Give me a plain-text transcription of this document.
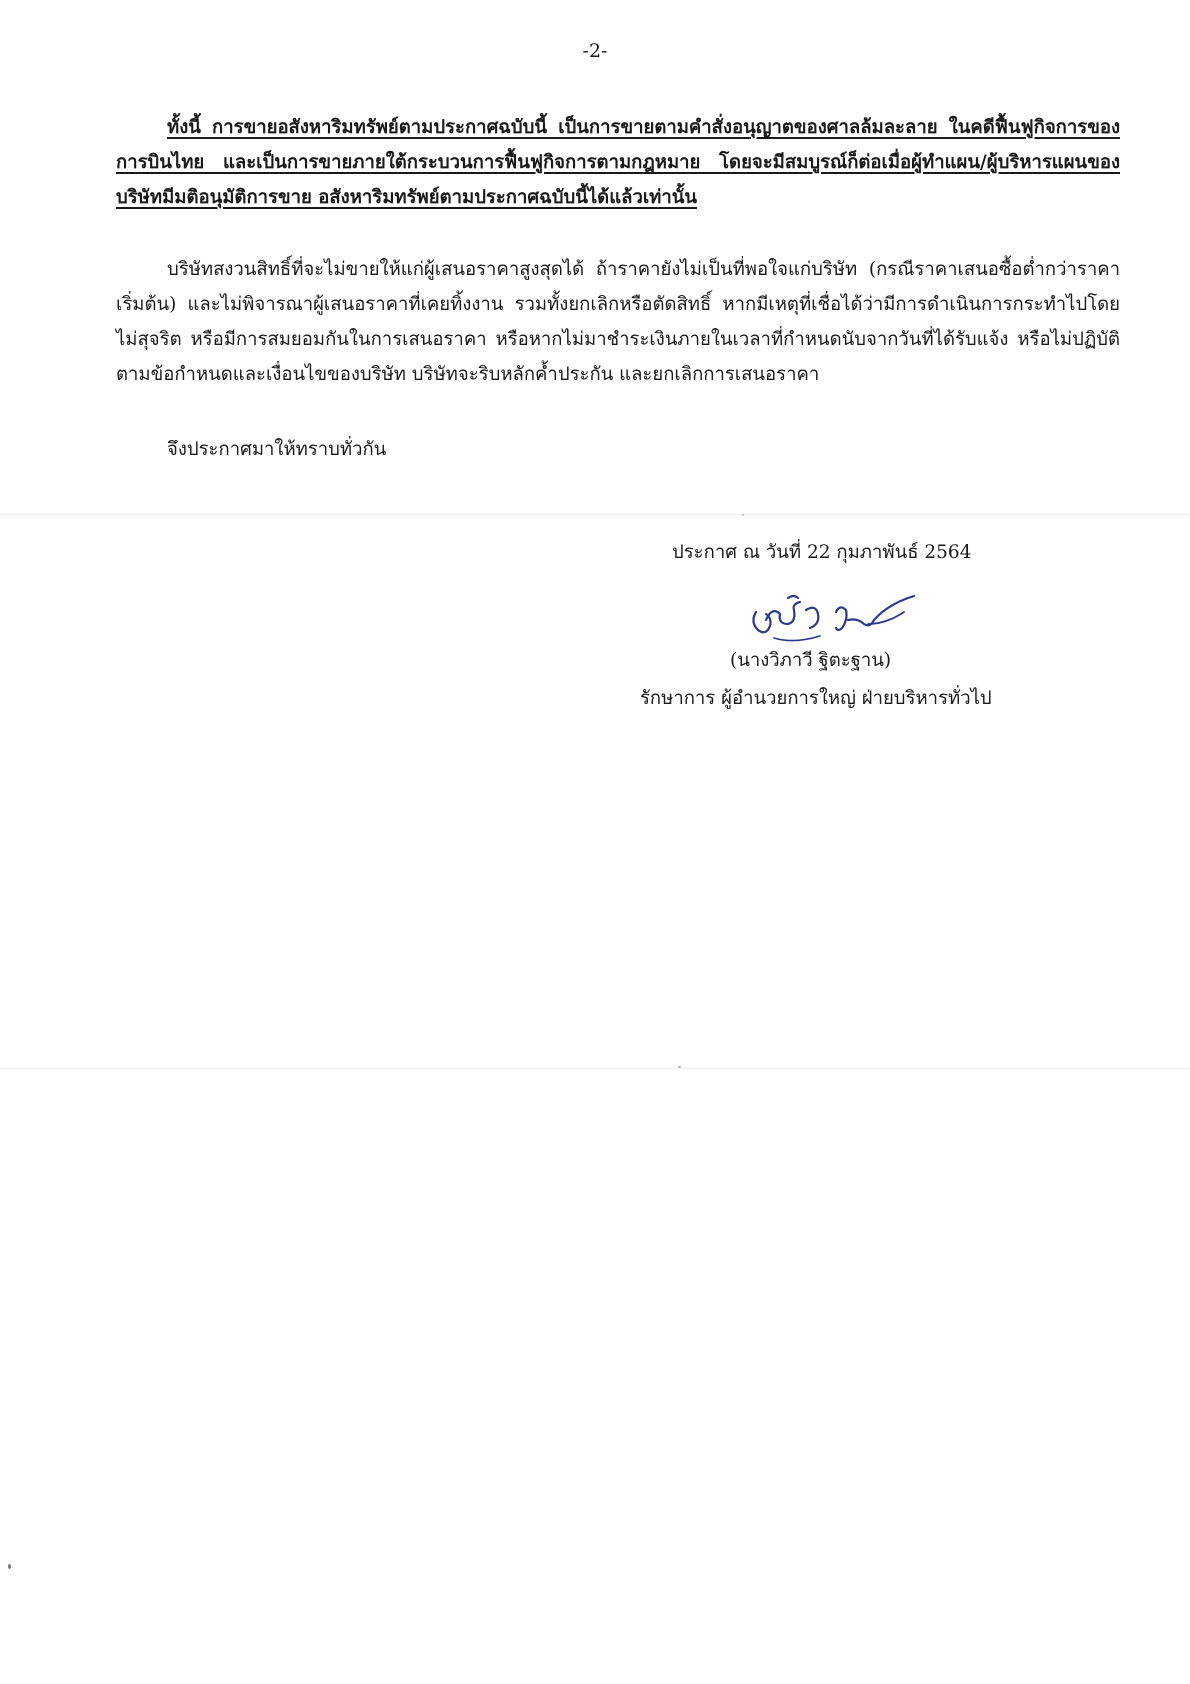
-2-
ทั้งนี้ การขายอสังหาริมทรัพย์ตามประกาศฉบับนี้ เป็นการขายตามคำสั่งอนุญาตของศาลล้มละลาย ในคดีฟื้นฟูกิจการของการบินไทย และเป็นการขายภายใต้กระบวนการฟื้นฟูกิจการตามกฎหมาย โดยจะมีสมบูรณ์ก็ต่อเมื่อผู้ทำแผน/ผู้บริหารแผนของบริษัทมีมติอนุมัติการขาย อสังหาริมทรัพย์ตามประกาศฉบับนี้ได้แล้วเท่านั้น
บริษัทสงวนสิทธิ์ที่จะไม่ขายให้แก่ผู้เสนอราคาสูงสุดได้ ถ้าราคายังไม่เป็นที่พอใจแก่บริษัท (กรณีราคาเสนอซื้อต่ำกว่าราคาเริ่มต้น) และไม่พิจารณาผู้เสนอราคาที่เคยทิ้งงาน รวมทั้งยกเลิกหรือตัดสิทธิ์ หากมีเหตุที่เชื่อได้ว่ามีการดำเนินการกระทำไปโดยไม่สุจริต หรือมีการสมยอมกันในการเสนอราคา หรือหากไม่มาชำระเงินภายในเวลาที่กำหนดนับจากวันที่ได้รับแจ้ง หรือไม่ปฏิบัติตามข้อกำหนดและเงื่อนไขของบริษัท บริษัทจะริบหลักค้ำประกัน และยกเลิกการเสนอราคา
จึงประกาศมาให้ทราบทั่วกัน
ประกาศ ณ วันที่ 22 กุมภาพันธ์ 2564
(นางวิภาวี ฐิตะฐาน)
รักษาการ ผู้อำนวยการใหญ่ ฝ่ายบริหารทั่วไป
